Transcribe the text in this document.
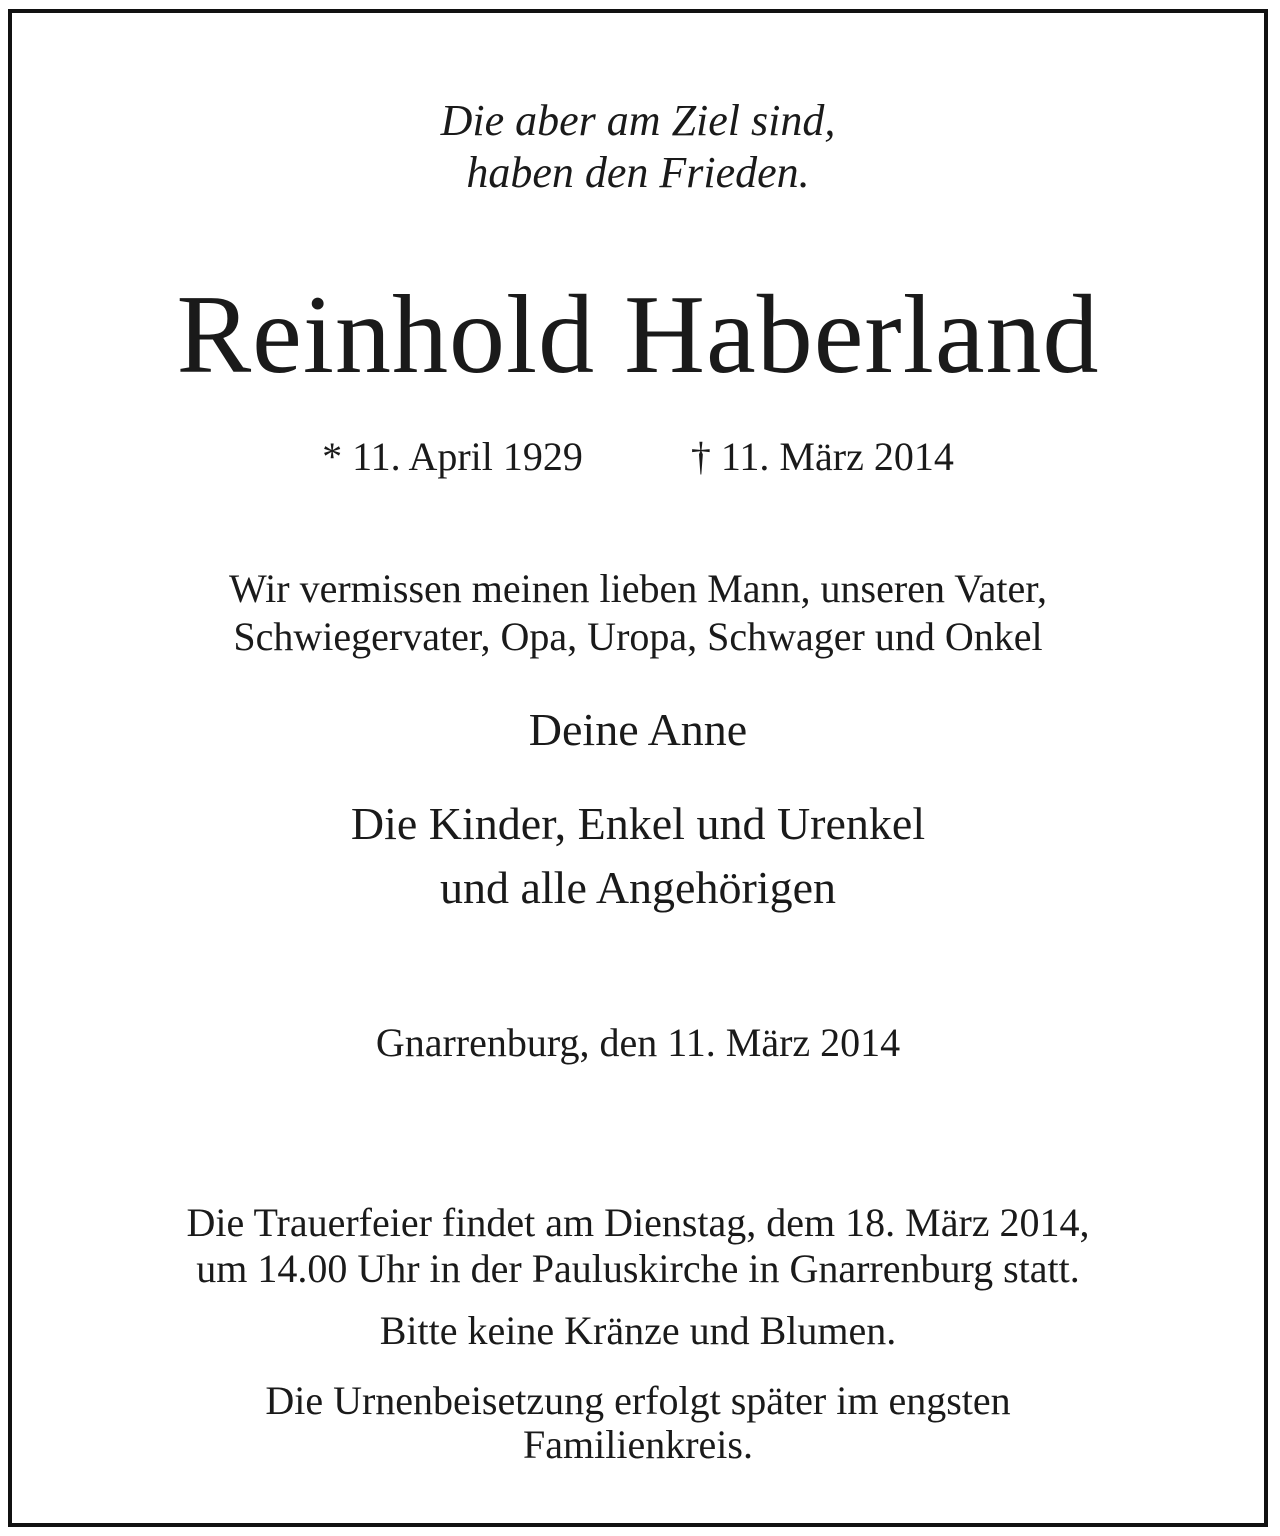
Die aber am Ziel sind,
haben den Frieden.
Reinhold Haberland
* 11. April 1929	† 11. März 2014
Wir vermissen meinen lieben Mann, unseren Vater,
Schwiegervater, Opa, Uropa, Schwager und Onkel
Deine Anne
Die Kinder, Enkel und Urenkel
und alle Angehörigen
Gnarrenburg, den 11. März 2014
Die Trauerfeier findet am Dienstag, dem 18. März 2014,
um 14.00 Uhr in der Pauluskirche in Gnarrenburg statt.
Bitte keine Kränze und Blumen.
Die Urnenbeisetzung erfolgt später im engsten
Familienkreis.
